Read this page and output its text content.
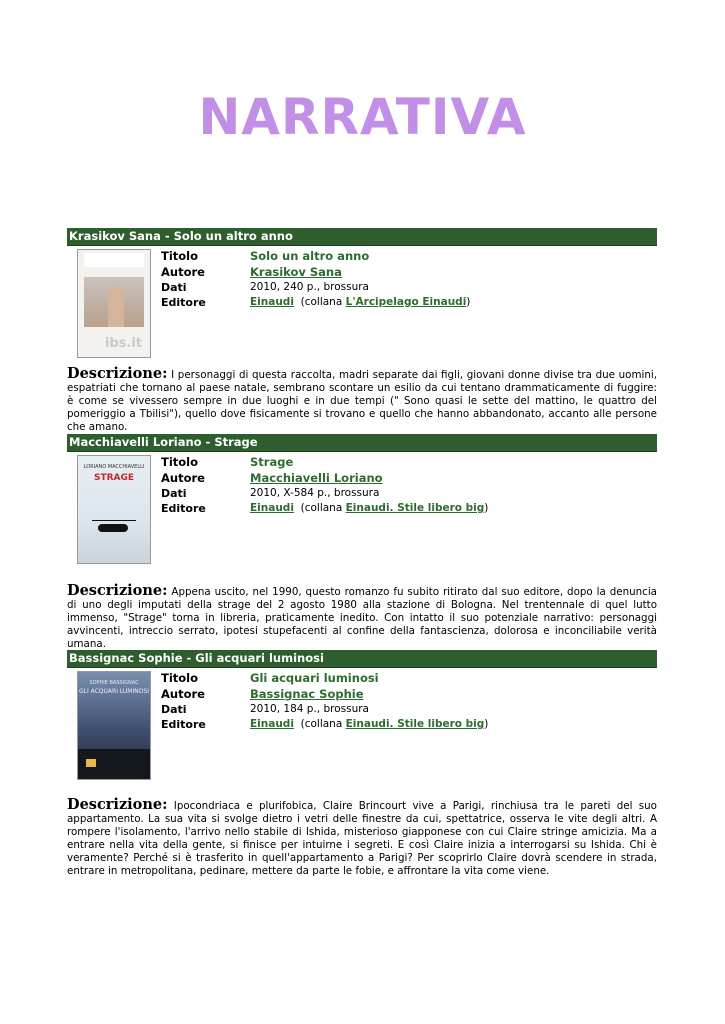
NARRATIVA
Krasikov Sana - Solo un altro anno
ibs.it
Titolo	Solo un altro anno
Autore	Krasikov Sana
Dati	2010, 240 p., brossura
Editore	Einaudi (collana L'Arcipelago Einaudi)
Descrizione: I personaggi di questa raccolta, madri separate dai figli, giovani donne divise tra due uomini, espatriati che tornano al paese natale, sembrano scontare un esilio da cui tentano drammaticamente di fuggire: è come se vivessero sempre in due luoghi e in due tempi (" Sono quasi le sette del mattino, le quattro del pomeriggio a Tbilisi"), quello dove fisicamente si trovano e quello che hanno abbandonato, accanto alle persone che amano.
Macchiavelli Loriano - Strage
LORIANO MACCHIAVELLI
STRAGE
Titolo	Strage
Autore	Macchiavelli Loriano
Dati	2010, X-584 p., brossura
Editore	Einaudi (collana Einaudi. Stile libero big)
Descrizione: Appena uscito, nel 1990, questo romanzo fu subito ritirato dal suo editore, dopo la denuncia di uno degli imputati della strage del 2 agosto 1980 alla stazione di Bologna. Nel trentennale di quel lutto immenso, "Strage" torna in libreria, praticamente inedito. Con intatto il suo potenziale narrativo: personaggi avvincenti, intreccio serrato, ipotesi stupefacenti al confine della fantascienza, dolorosa e inconciliabile verità umana.
Bassignac Sophie - Gli acquari luminosi
SOPHIE BASSIGNAC
GLI ACQUARI LUMINOSI
Titolo	Gli acquari luminosi
Autore	Bassignac Sophie
Dati	2010, 184 p., brossura
Editore	Einaudi (collana Einaudi. Stile libero big)
Descrizione: Ipocondriaca e plurifobica, Claire Brincourt vive a Parigi, rinchiusa tra le pareti del suo appartamento. La sua vita si svolge dietro i vetri delle finestre da cui, spettatrice, osserva le vite degli altri. A rompere l'isolamento, l'arrivo nello stabile di Ishida, misterioso giapponese con cui Claire stringe amicizia. Ma a entrare nella vita della gente, si finisce per intuirne i segreti. E così Claire inizia a interrogarsi su Ishida. Chi è veramente? Perché si è trasferito in quell'appartamento a Parigi? Per scoprirlo Claire dovrà scendere in strada, entrare in metropolitana, pedinare, mettere da parte le fobie, e affrontare la vita come viene.
